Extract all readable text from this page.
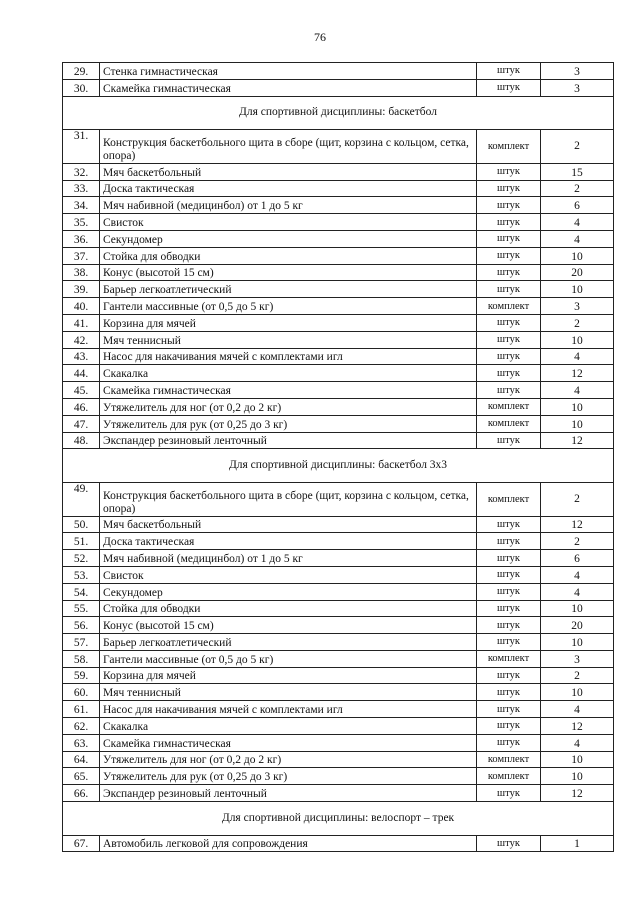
76
29.	Стенка гимнастическая	штук	3
30.	Скамейка гимнастическая	штук	3
Для спортивной дисциплины: баскетбол			
31.	Конструкция баскетбольного щита в сборе (щит, корзина с кольцом, сетка, опора)	комплект	2
32.	Мяч баскетбольный	штук	15
33.	Доска тактическая	штук	2
34.	Мяч набивной (медицинбол) от 1 до 5 кг	штук	6
35.	Свисток	штук	4
36.	Секундомер	штук	4
37.	Стойка для обводки	штук	10
38.	Конус (высотой 15 см)	штук	20
39.	Барьер легкоатлетический	штук	10
40.	Гантели массивные (от 0,5 до 5 кг)	комплект	3
41.	Корзина для мячей	штук	2
42.	Мяч теннисный	штук	10
43.	Насос для накачивания мячей с комплектами игл	штук	4
44.	Скакалка	штук	12
45.	Скамейка гимнастическая	штук	4
46.	Утяжелитель для ног (от 0,2 до 2 кг)	комплект	10
47.	Утяжелитель для рук (от 0,25 до 3 кг)	комплект	10
48.	Экспандер резиновый ленточный	штук	12
Для спортивной дисциплины: баскетбол 3х3			
49.	Конструкция баскетбольного щита в сборе (щит, корзина с кольцом, сетка, опора)	комплект	2
50.	Мяч баскетбольный	штук	12
51.	Доска тактическая	штук	2
52.	Мяч набивной (медицинбол) от 1 до 5 кг	штук	6
53.	Свисток	штук	4
54.	Секундомер	штук	4
55.	Стойка для обводки	штук	10
56.	Конус (высотой 15 см)	штук	20
57.	Барьер легкоатлетический	штук	10
58.	Гантели массивные (от 0,5 до 5 кг)	комплект	3
59.	Корзина для мячей	штук	2
60.	Мяч теннисный	штук	10
61.	Насос для накачивания мячей с комплектами игл	штук	4
62.	Скакалка	штук	12
63.	Скамейка гимнастическая	штук	4
64.	Утяжелитель для ног (от 0,2 до 2 кг)	комплект	10
65.	Утяжелитель для рук (от 0,25 до 3 кг)	комплект	10
66.	Экспандер резиновый ленточный	штук	12
Для спортивной дисциплины: велоспорт – трек			
67.	Автомобиль легковой для сопровождения	штук	1
